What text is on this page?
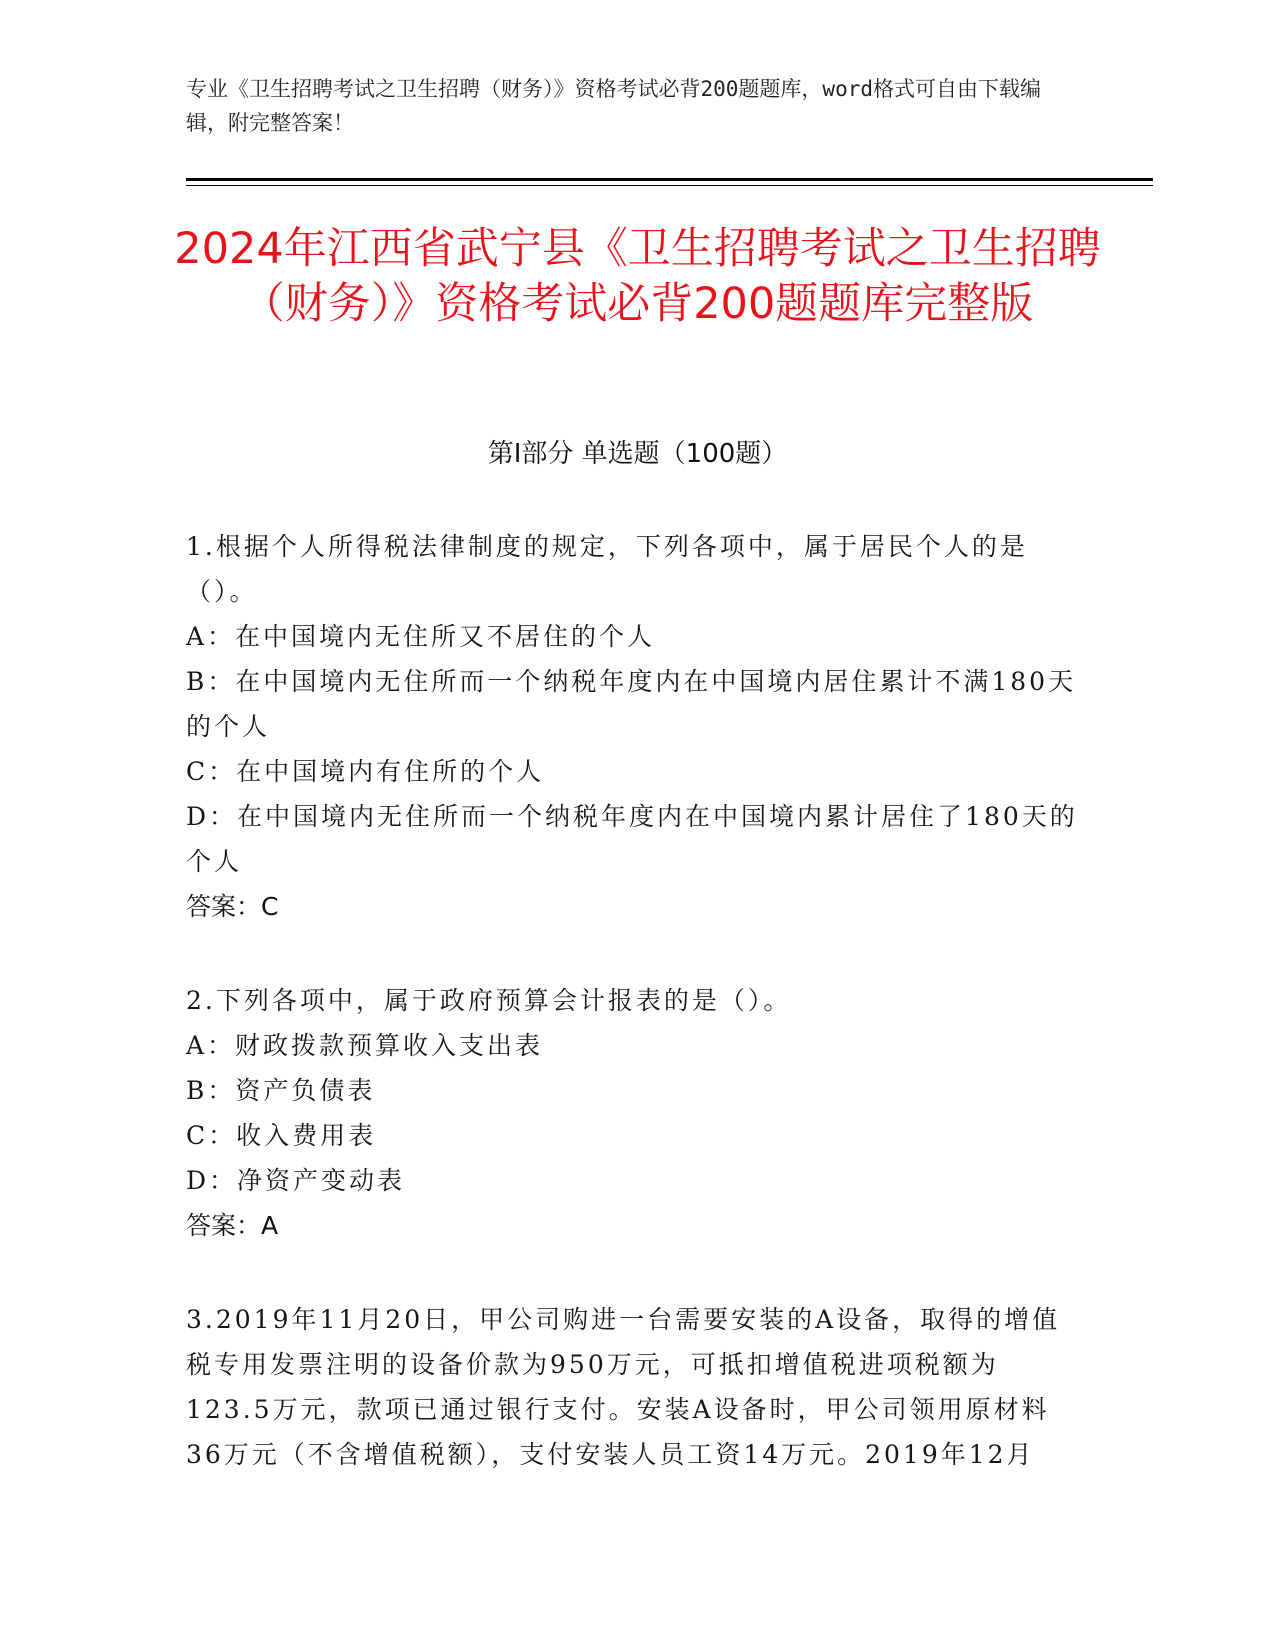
专业《卫生招聘考试之卫生招聘（财务）》资格考试必背200题题库，word格式可自由下载编辑，附完整答案！
2024年江西省武宁县《卫生招聘考试之卫生招聘（财务）》资格考试必背200题题库完整版
第Ⅰ部分 单选题（100题）

1.根据个人所得税法律制度的规定，下列各项中，属于居民个人的是（）。

A：在中国境内无住所又不居住的个人

B：在中国境内无住所而一个纳税年度内在中国境内居住累计不满180天的个人

C：在中国境内有住所的个人

D：在中国境内无住所而一个纳税年度内在中国境内累计居住了180天的个人

答案：C

2.下列各项中，属于政府预算会计报表的是（）。

A：财政拨款预算收入支出表

B：资产负债表

C：收入费用表

D：净资产变动表

答案：A

3.2019年11月20日，甲公司购进一台需要安装的A设备，取得的增值税专用发票注明的设备价款为950万元，可抵扣增值税进项税额为123.5万元，款项已通过银行支付。安装A设备时，甲公司领用原材料36万元（不含增值税额），支付安装人员工资14万元。2019年12月
